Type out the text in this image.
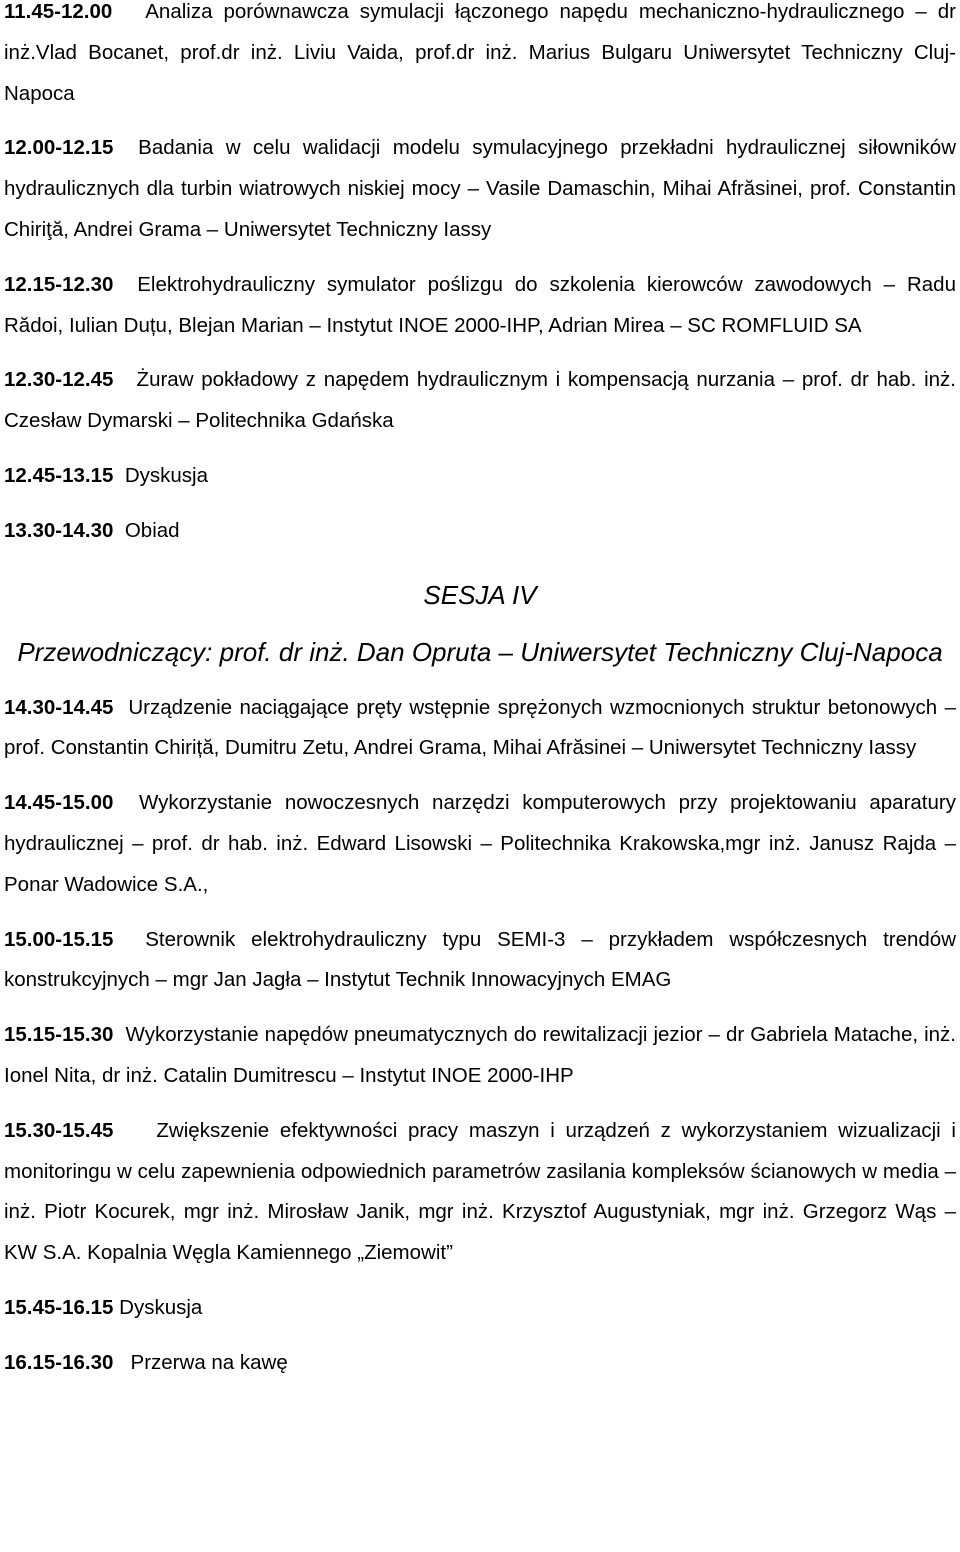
11.45-12.00 Analiza porównawcza symulacji łączonego napędu mechaniczno-hydraulicznego – dr inż.Vlad Bocanet, prof.dr inż. Liviu Vaida, prof.dr inż. Marius Bulgaru Uniwersytet Techniczny Cluj-Napoca

12.00-12.15 Badania w celu walidacji modelu symulacyjnego przekładni hydraulicznej siłowników hydraulicznych dla turbin wiatrowych niskiej mocy – Vasile Damaschin, Mihai Afrăsinei, prof. Constantin Chiriţă, Andrei Grama – Uniwersytet Techniczny Iassy

12.15-12.30 Elektrohydrauliczny symulator poślizgu do szkolenia kierowców zawodowych – Radu Rădoi, Iulian Duțu, Blejan Marian – Instytut INOE 2000-IHP, Adrian Mirea – SC ROMFLUID SA

12.30-12.45 Żuraw pokładowy z napędem hydraulicznym i kompensacją nurzania – prof. dr hab. inż. Czesław Dymarski – Politechnika Gdańska

12.45-13.15 Dyskusja

13.30-14.30 Obiad

SESJA IV

Przewodniczący: prof. dr inż. Dan Opruta – Uniwersytet Techniczny Cluj-Napoca

14.30-14.45 Urządzenie naciągające pręty wstępnie sprężonych wzmocnionych struktur betonowych – prof. Constantin Chiriță, Dumitru Zetu, Andrei Grama, Mihai Afrăsinei – Uniwersytet Techniczny Iassy

14.45-15.00 Wykorzystanie nowoczesnych narzędzi komputerowych przy projektowaniu aparatury hydraulicznej – prof. dr hab. inż. Edward Lisowski – Politechnika Krakowska,mgr inż. Janusz Rajda – Ponar Wadowice S.A.,

15.00-15.15 Sterownik elektrohydrauliczny typu SEMI-3 – przykładem współczesnych trendów konstrukcyjnych – mgr Jan Jagła – Instytut Technik Innowacyjnych EMAG

15.15-15.30 Wykorzystanie napędów pneumatycznych do rewitalizacji jezior – dr Gabriela Matache, inż. Ionel Nita, dr inż. Catalin Dumitrescu – Instytut INOE 2000-IHP

15.30-15.45 Zwiększenie efektywności pracy maszyn i urządzeń z wykorzystaniem wizualizacji i monitoringu w celu zapewnienia odpowiednich parametrów zasilania kompleksów ścianowych w media – inż. Piotr Kocurek, mgr inż. Mirosław Janik, mgr inż. Krzysztof Augustyniak, mgr inż. Grzegorz Wąs – KW S.A. Kopalnia Węgla Kamiennego „Ziemowit”

15.45-16.15 Dyskusja

16.15-16.30 Przerwa na kawę
